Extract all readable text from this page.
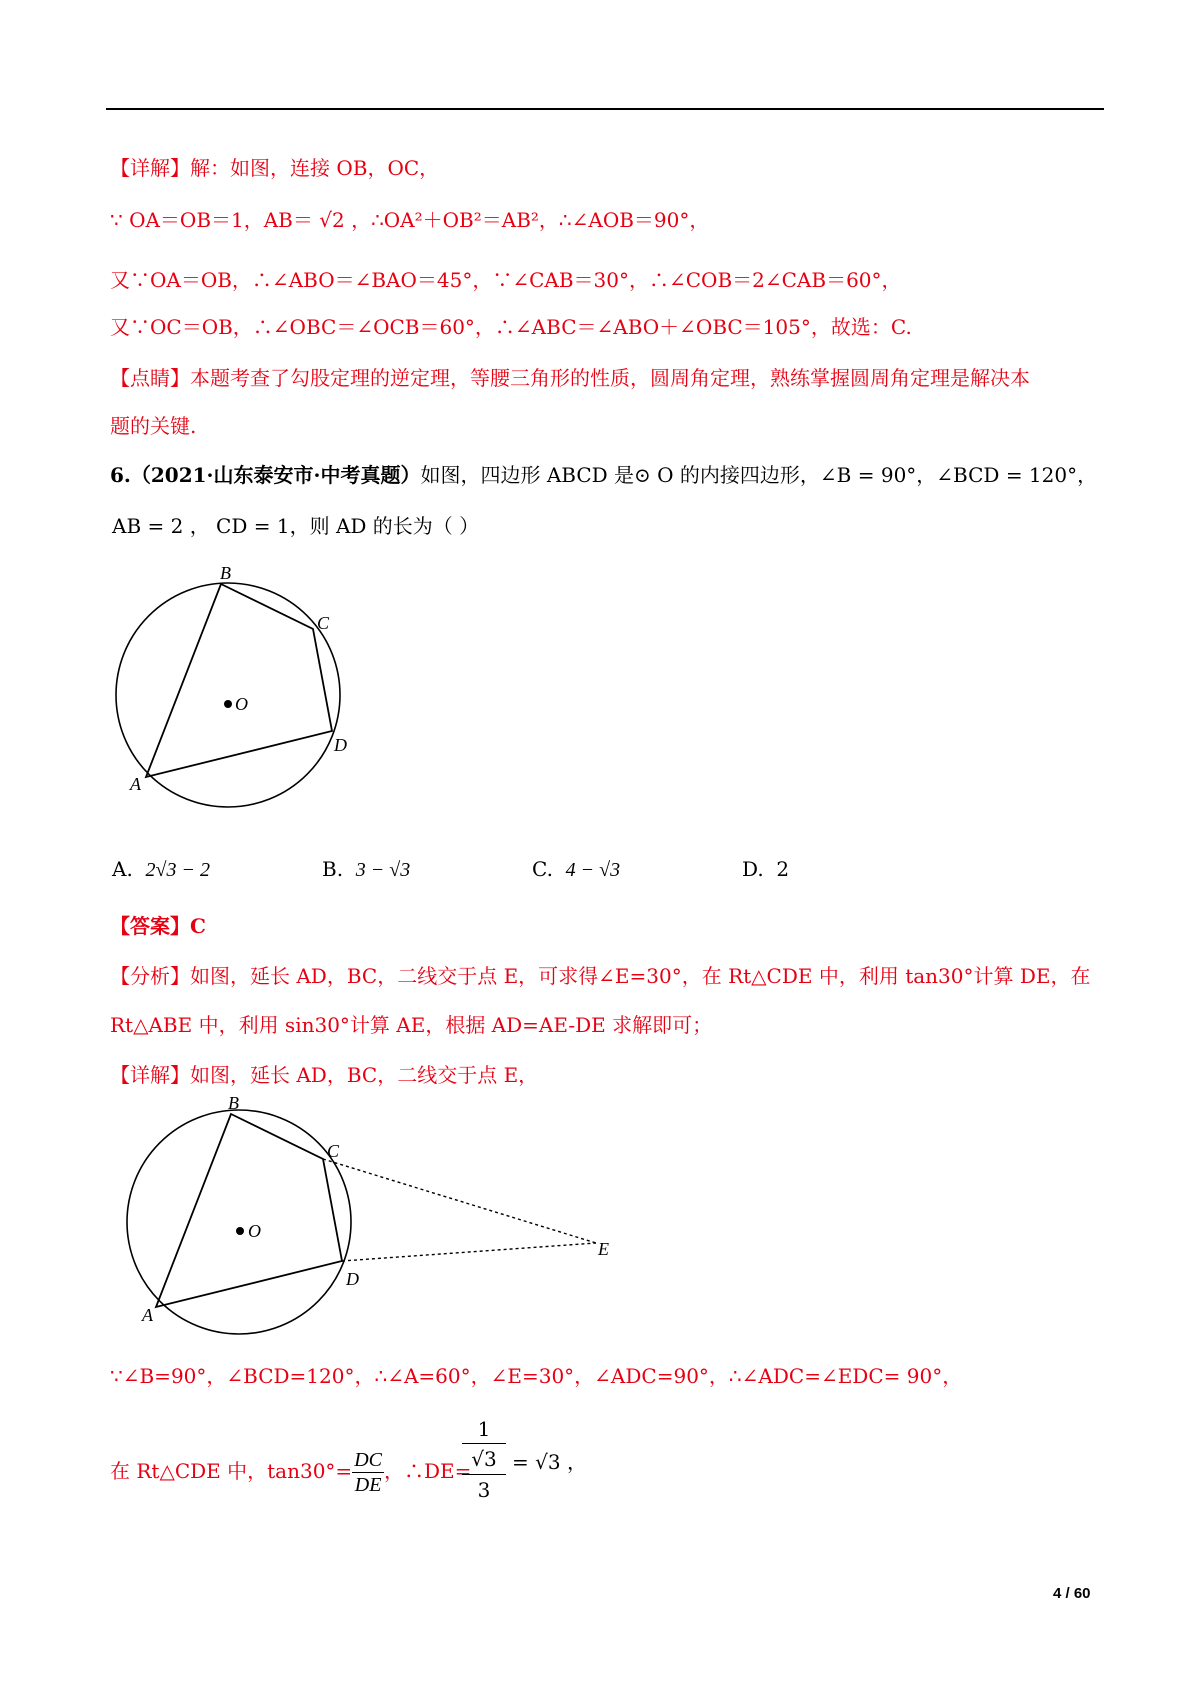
【详解】解：如图，连接 OB，OC，
∵ OA＝OB＝1，AB＝ √2 ，∴OA²＋OB²＝AB²，∴∠AOB＝90°，
又∵OA＝OB，∴∠ABO＝∠BAO＝45°，∵∠CAB＝30°，∴∠COB＝2∠CAB＝60°，
又∵OC＝OB，∴∠OBC＝∠OCB＝60°，∴∠ABC＝∠ABO＋∠OBC＝105°，故选：C.
【点睛】本题考查了勾股定理的逆定理，等腰三角形的性质，圆周角定理，熟练掌握圆周角定理是解决本
题的关键.
6.（2021·山东泰安市·中考真题）如图，四边形 ABCD 是⊙ O 的内接四边形，∠B = 90°，∠BCD = 120°，
AB = 2 ， CD = 1，则 AD 的长为（ ）
B
C
D
A
O
A. 2√3 − 2	B. 3 − √3	C. 4 − √3	D. 2
【答案】C
【分析】如图，延长 AD，BC，二线交于点 E，可求得∠E=30°，在 Rt△CDE 中，利用 tan30°计算 DE，在
Rt△ABE 中，利用 sin30°计算 AE，根据 AD=AE-DE 求解即可；
【详解】如图，延长 AD，BC，二线交于点 E，
B
C
D
A
O
E
∵∠B=90°，∠BCD=120°，∴∠A=60°，∠E=30°，∠ADC=90°，∴∠ADC=∠EDC= 90°，
在 Rt△CDE 中，$\tan 30^\circ= \frac{DC}{DE}$ ，∴DE=
1
√3
3
= √3 ，
4 / 60
